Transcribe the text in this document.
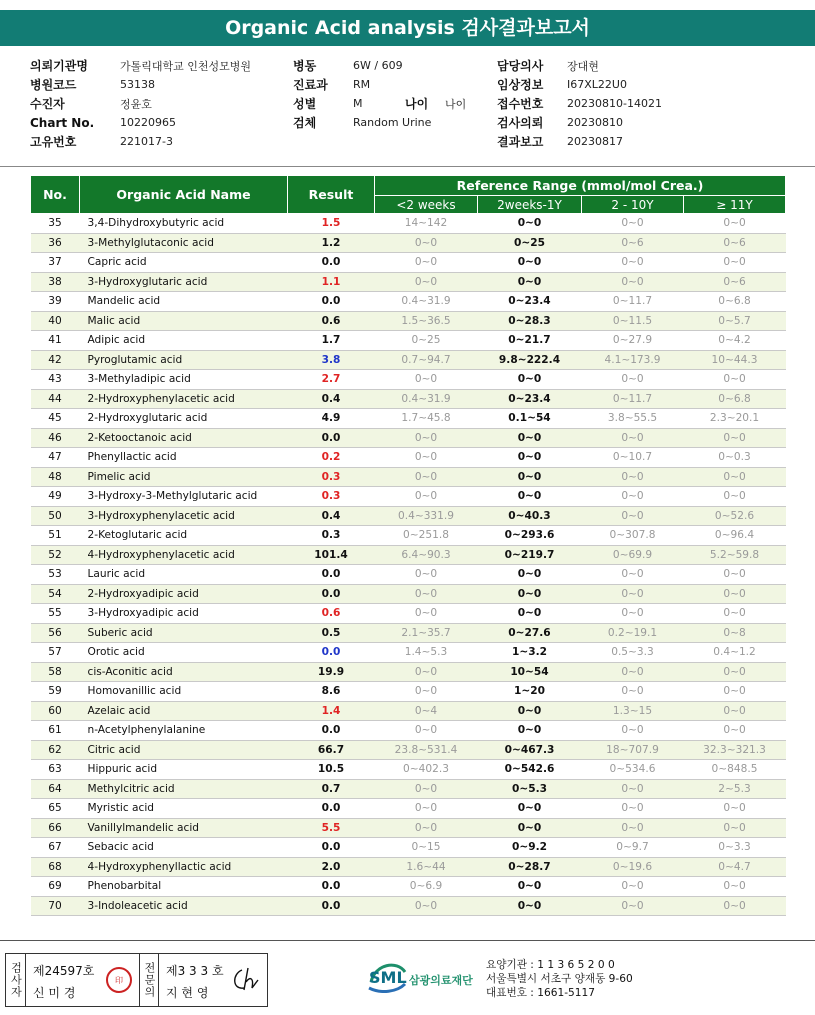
Organic Acid analysis 검사결과보고서
의뢰기관명	가톨릭대학교 인천성모병원
병원코드	53138
수진자	정윤호
Chart No.	10220965
고유번호	221017-3
병동	6W / 609
진료과	RM
성별	M	나이	나이
검체	Random Urine
담당의사	장대현
임상정보	I67XL22U0
접수번호	20230810-14021
검사의뢰	20230810
결과보고	20230817
No.	Organic Acid Name	Result	Reference Range (mmol/mol Crea.)			
			<2 weeks	2weeks-1Y	2 - 10Y	≥ 11Y
35	3,4-Dihydroxybutyric acid	1.5	14~142	0~0	0~0	0~0
36	3-Methylglutaconic acid	1.2	0~0	0~25	0~6	0~6
37	Capric acid	0.0	0~0	0~0	0~0	0~0
38	3-Hydroxyglutaric acid	1.1	0~0	0~0	0~0	0~6
39	Mandelic acid	0.0	0.4~31.9	0~23.4	0~11.7	0~6.8
40	Malic acid	0.6	1.5~36.5	0~28.3	0~11.5	0~5.7
41	Adipic acid	1.7	0~25	0~21.7	0~27.9	0~4.2
42	Pyroglutamic acid	3.8	0.7~94.7	9.8~222.4	4.1~173.9	10~44.3
43	3-Methyladipic acid	2.7	0~0	0~0	0~0	0~0
44	2-Hydroxyphenylacetic acid	0.4	0.4~31.9	0~23.4	0~11.7	0~6.8
45	2-Hydroxyglutaric acid	4.9	1.7~45.8	0.1~54	3.8~55.5	2.3~20.1
46	2-Ketooctanoic acid	0.0	0~0	0~0	0~0	0~0
47	Phenyllactic acid	0.2	0~0	0~0	0~10.7	0~0.3
48	Pimelic acid	0.3	0~0	0~0	0~0	0~0
49	3-Hydroxy-3-Methylglutaric acid	0.3	0~0	0~0	0~0	0~0
50	3-Hydroxyphenylacetic acid	0.4	0.4~331.9	0~40.3	0~0	0~52.6
51	2-Ketoglutaric acid	0.3	0~251.8	0~293.6	0~307.8	0~96.4
52	4-Hydroxyphenylacetic acid	101.4	6.4~90.3	0~219.7	0~69.9	5.2~59.8
53	Lauric acid	0.0	0~0	0~0	0~0	0~0
54	2-Hydroxyadipic acid	0.0	0~0	0~0	0~0	0~0
55	3-Hydroxyadipic acid	0.6	0~0	0~0	0~0	0~0
56	Suberic acid	0.5	2.1~35.7	0~27.6	0.2~19.1	0~8
57	Orotic acid	0.0	1.4~5.3	1~3.2	0.5~3.3	0.4~1.2
58	cis-Aconitic acid	19.9	0~0	10~54	0~0	0~0
59	Homovanillic acid	8.6	0~0	1~20	0~0	0~0
60	Azelaic acid	1.4	0~4	0~0	1.3~15	0~0
61	n-Acetylphenylalanine	0.0	0~0	0~0	0~0	0~0
62	Citric acid	66.7	23.8~531.4	0~467.3	18~707.9	32.3~321.3
63	Hippuric acid	10.5	0~402.3	0~542.6	0~534.6	0~848.5
64	Methylcitric acid	0.7	0~0	0~5.3	0~0	2~5.3
65	Myristic acid	0.0	0~0	0~0	0~0	0~0
66	Vanillylmandelic acid	5.5	0~0	0~0	0~0	0~0
67	Sebacic acid	0.0	0~15	0~9.2	0~9.7	0~3.3
68	4-Hydroxyphenyllactic acid	2.0	1.6~44	0~28.7	0~19.6	0~4.7
69	Phenobarbital	0.0	0~6.9	0~0	0~0	0~0
70	3-Indoleacetic acid	0.0	0~0	0~0	0~0	0~0
검사자 제24597호
신 미 경
印	전문의 제3 3 3 호
지 현 영
SML 삼광의료재단
요양기관 : 1 1 3 6 5 2 0 0
서울특별시 서초구 양재동 9-60
대표번호 : 1661-5117
